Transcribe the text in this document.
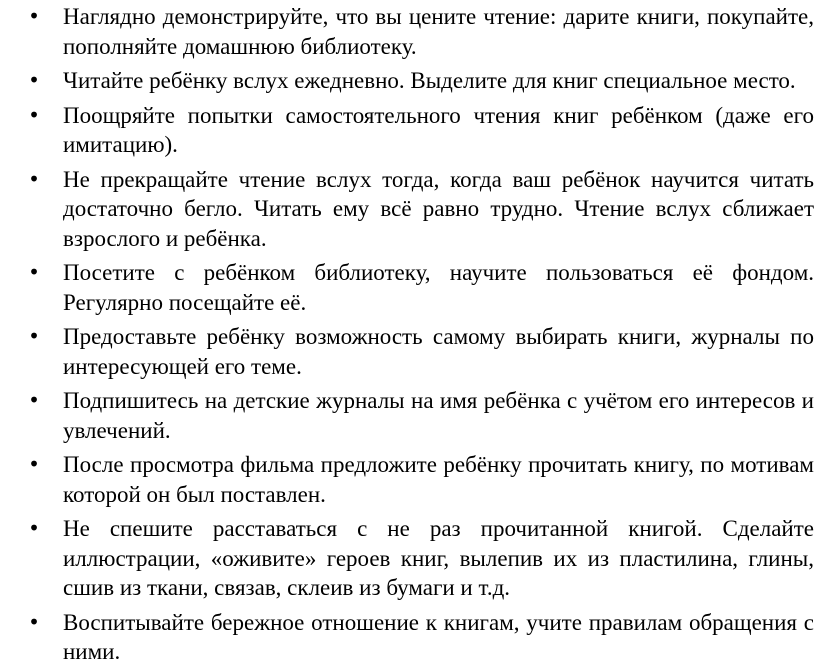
• Наглядно демонстрируйте, что вы цените чтение: дарите книги, покупайте, пополняйте домашнюю библиотеку.
• Читайте ребёнку вслух ежедневно. Выделите для книг специальное место.
• Поощряйте попытки самостоятельного чтения книг ребёнком (даже его имитацию).
• Не прекращайте чтение вслух тогда, когда ваш ребёнок научится читать достаточно бегло. Читать ему всё равно трудно. Чтение вслух сближает взрослого и ребёнка.
• Посетите с ребёнком библиотеку, научите пользоваться её фондом. Регулярно посещайте её.
• Предоставьте ребёнку возможность самому выбирать книги, журналы по интересующей его теме.
• Подпишитесь на детские журналы на имя ребёнка с учётом его интересов и увлечений.
• После просмотра фильма предложите ребёнку прочитать книгу, по мотивам которой он был поставлен.
• Не спешите расставаться с не раз прочитанной книгой. Сделайте иллюстрации, «оживите» героев книг, вылепив их из пластилина, глины, сшив из ткани, связав, склеив из бумаги и т.д.
• Воспитывайте бережное отношение к книгам, учите правилам обращения с ними.
